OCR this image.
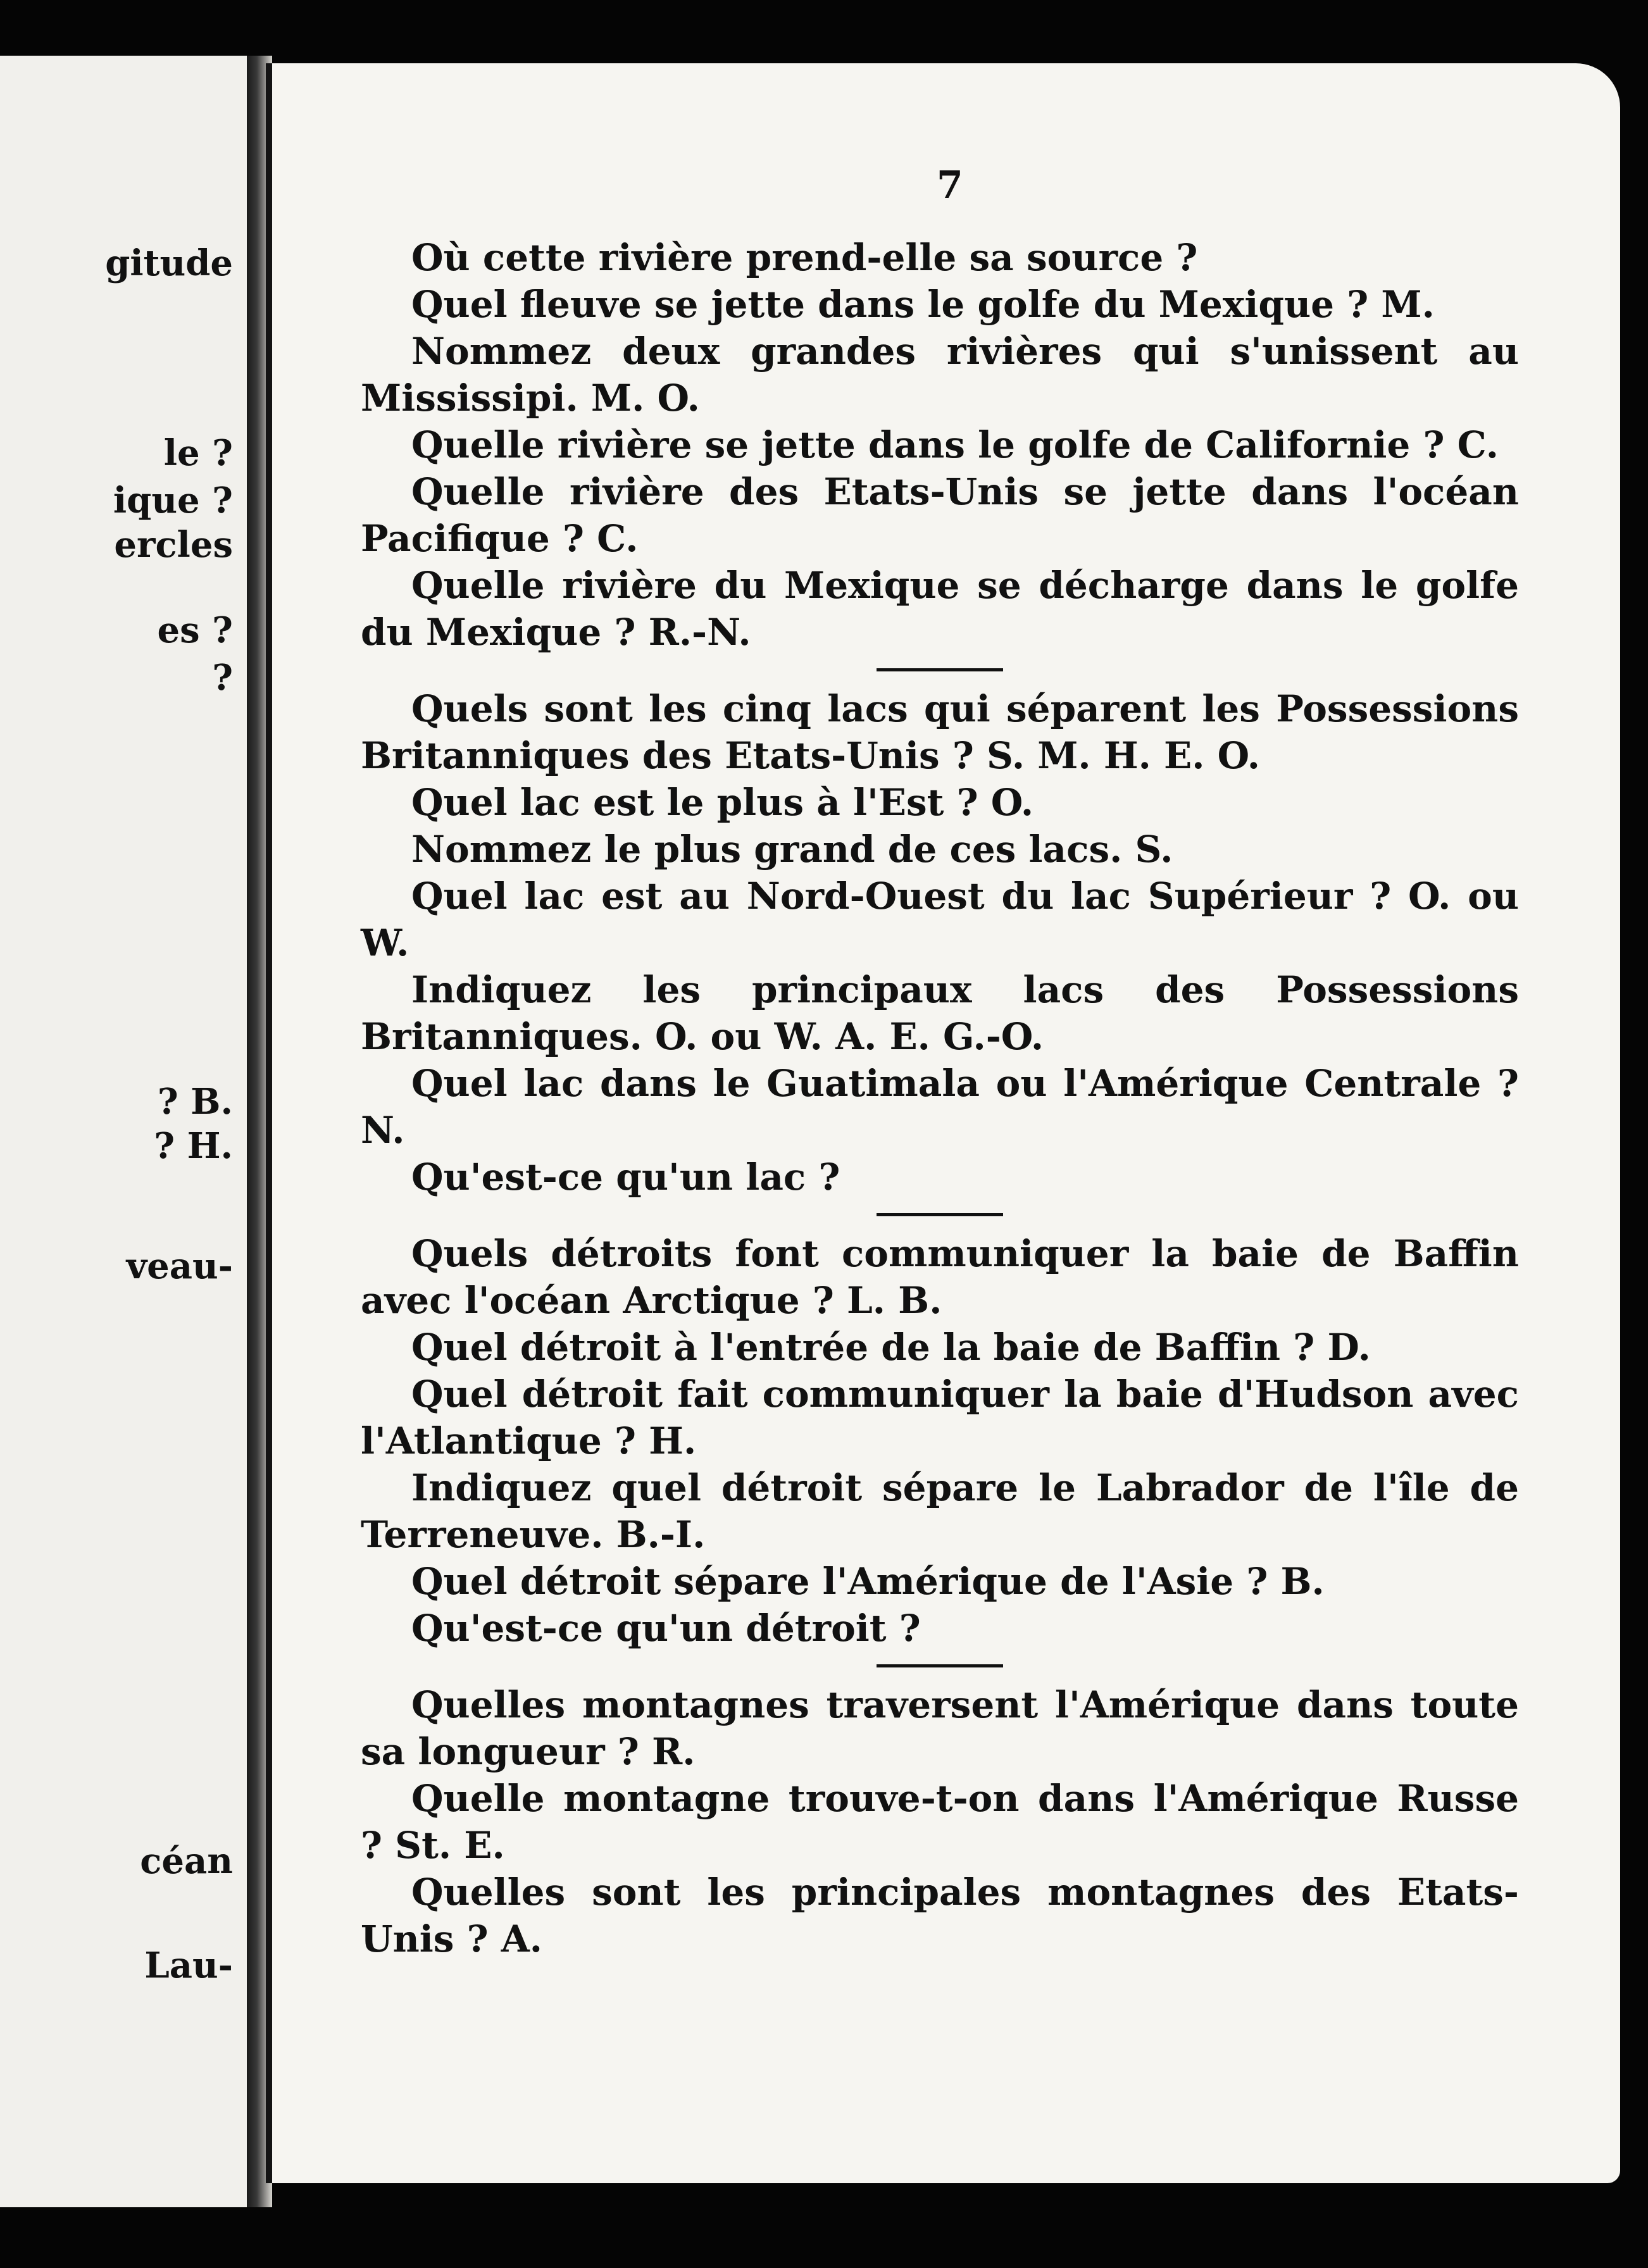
gitude
le ?
ique ?
ercles
es ?
?
? B.
? H.
veau-
céan
Lau-
7

Où cette rivière prend-elle sa source ?

Quel fleuve se jette dans le golfe du Mexique ? M.

Nommez deux grandes rivières qui s'unissent au Mississipi. M. O.

Quelle rivière se jette dans le golfe de Californie ? C.

Quelle rivière des Etats-Unis se jette dans l'océan Pacifique ? C.

Quelle rivière du Mexique se décharge dans le golfe du Mexique ? R.-N.

Quels sont les cinq lacs qui séparent les Possessions Britanniques des Etats-Unis ? S. M. H. E. O.

Quel lac est le plus à l'Est ? O.

Nommez le plus grand de ces lacs. S.

Quel lac est au Nord-Ouest du lac Supérieur ? O. ou W.

Indiquez les principaux lacs des Possessions Britanniques. O. ou W. A. E. G.-O.

Quel lac dans le Guatimala ou l'Amérique Centrale ? N.

Qu'est-ce qu'un lac ?

Quels détroits font communiquer la baie de Baffin avec l'océan Arctique ? L. B.

Quel détroit à l'entrée de la baie de Baffin ? D.

Quel détroit fait communiquer la baie d'Hudson avec l'Atlantique ? H.

Indiquez quel détroit sépare le Labrador de l'île de Terreneuve. B.-I.

Quel détroit sépare l'Amérique de l'Asie ? B.

Qu'est-ce qu'un détroit ?

Quelles montagnes traversent l'Amérique dans toute sa longueur ? R.

Quelle montagne trouve-t-on dans l'Amérique Russe ? St. E.

Quelles sont les principales montagnes des Etats-Unis ? A.
